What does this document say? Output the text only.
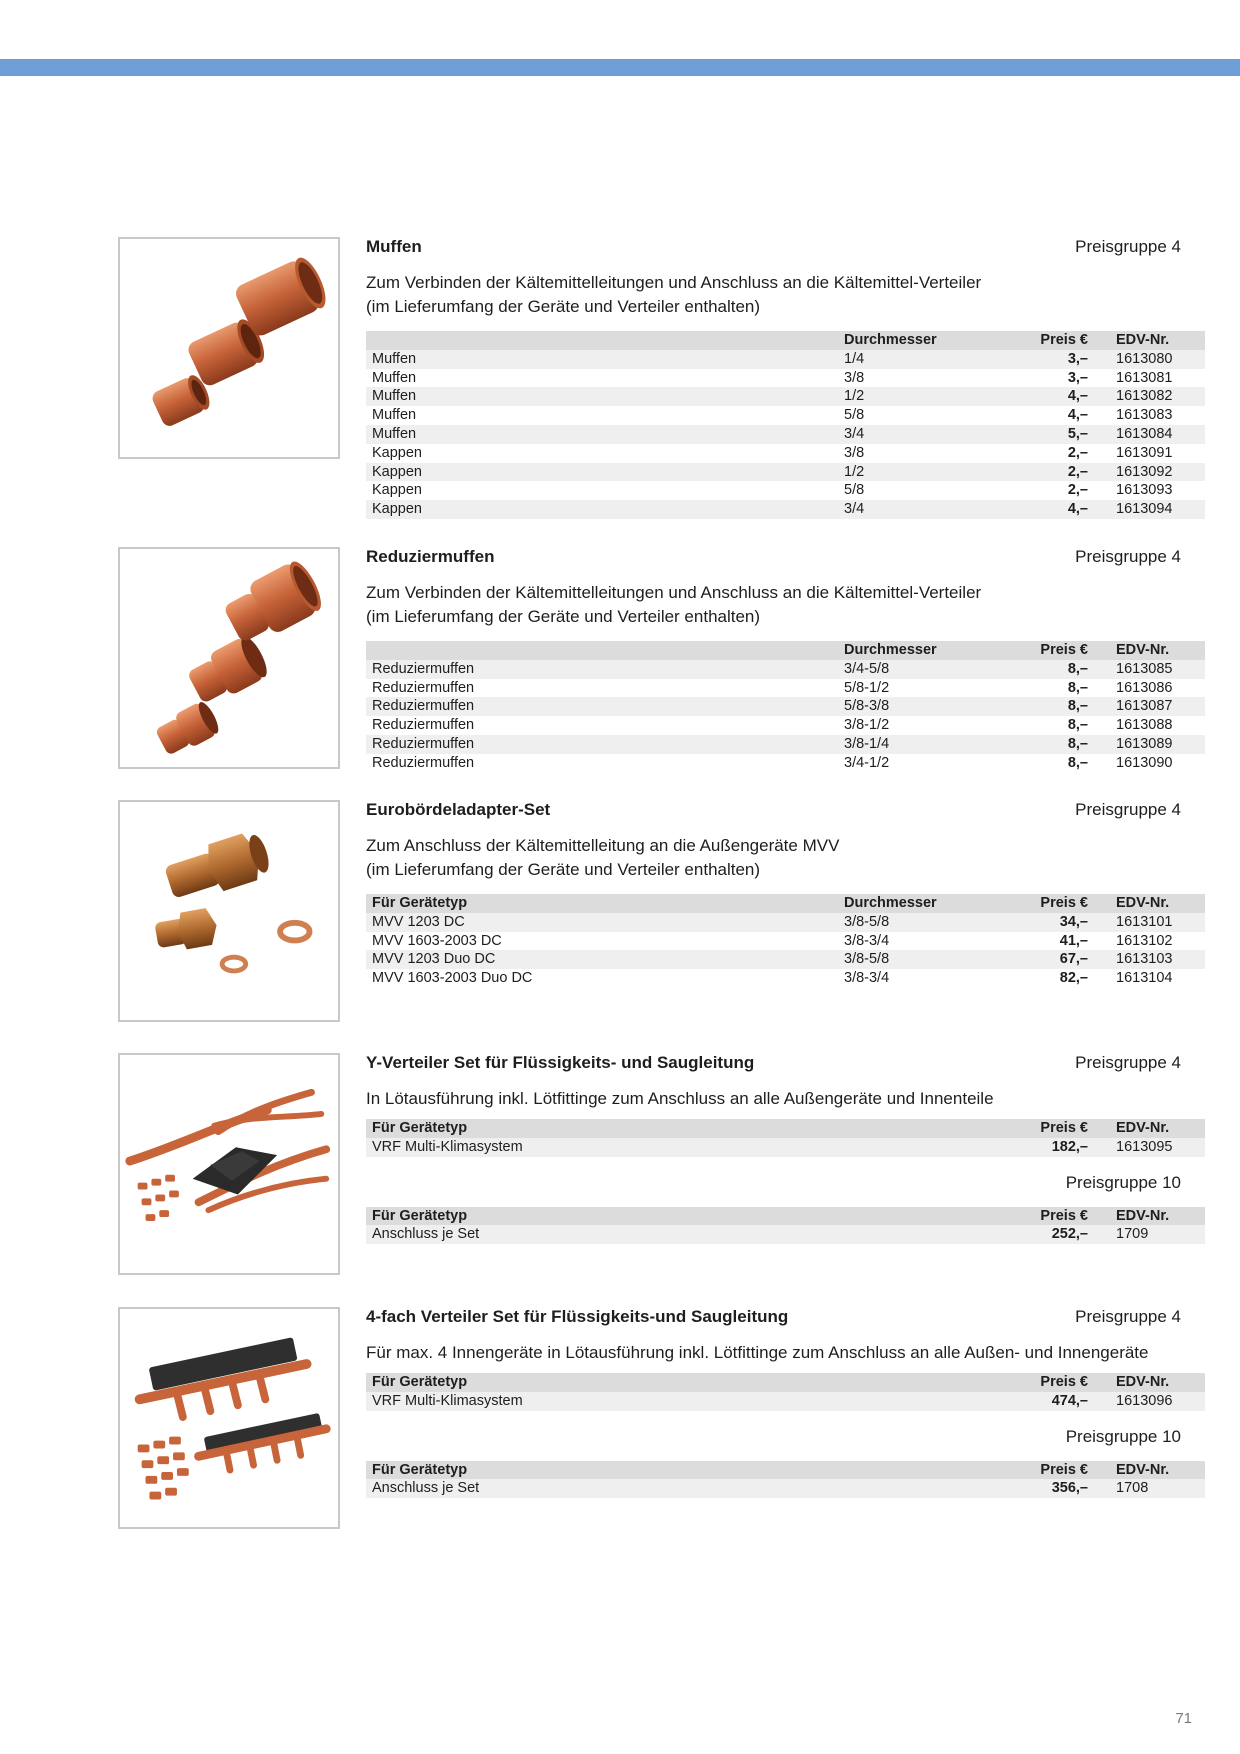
Muffen	Preisgruppe 4
Zum Verbinden der Kältemittelleitungen und Anschluss an die Kältemittel-Verteiler
(im Lieferumfang der Geräte und Verteiler enthalten)
	Durchmesser	Preis €	EDV-Nr.
Muffen	1/4	3,–	1613080
Muffen	3/8	3,–	1613081
Muffen	1/2	4,–	1613082
Muffen	5/8	4,–	1613083
Muffen	3/4	5,–	1613084
Kappen	3/8	2,–	1613091
Kappen	1/2	2,–	1613092
Kappen	5/8	2,–	1613093
Kappen	3/4	4,–	1613094
Reduziermuffen	Preisgruppe 4
Zum Verbinden der Kältemittelleitungen und Anschluss an die Kältemittel-Verteiler
(im Lieferumfang der Geräte und Verteiler enthalten)
	Durchmesser	Preis €	EDV-Nr.
Reduziermuffen	3/4-5/8	8,–	1613085
Reduziermuffen	5/8-1/2	8,–	1613086
Reduziermuffen	5/8-3/8	8,–	1613087
Reduziermuffen	3/8-1/2	8,–	1613088
Reduziermuffen	3/8-1/4	8,–	1613089
Reduziermuffen	3/4-1/2	8,–	1613090
Eurobördeladapter-Set	Preisgruppe 4
Zum Anschluss der Kältemittelleitung an die Außengeräte MVV
(im Lieferumfang der Geräte und Verteiler enthalten)
Für Gerätetyp	Durchmesser	Preis €	EDV-Nr.
MVV 1203 DC	3/8-5/8	34,–	1613101
MVV 1603-2003 DC	3/8-3/4	41,–	1613102
MVV 1203 Duo DC	3/8-5/8	67,–	1613103
MVV 1603-2003 Duo DC	3/8-3/4	82,–	1613104
Y-Verteiler Set für Flüssigkeits- und Saugleitung	Preisgruppe 4
In Lötausführung inkl. Lötfittinge zum Anschluss an alle Außengeräte und Innenteile
Für Gerätetyp		Preis €	EDV-Nr.
VRF Multi-Klimasystem		182,–	1613095
Preisgruppe 10
Für Gerätetyp		Preis €	EDV-Nr.
Anschluss je Set		252,–	1709
4-fach Verteiler Set für Flüssigkeits-und Saugleitung	Preisgruppe 4
Für max. 4 Innengeräte in Lötausführung inkl. Lötfittinge zum Anschluss an alle Außen- und Innengeräte
Für Gerätetyp		Preis €	EDV-Nr.
VRF Multi-Klimasystem		474,–	1613096
Preisgruppe 10
Für Gerätetyp		Preis €	EDV-Nr.
Anschluss je Set		356,–	1708
71
